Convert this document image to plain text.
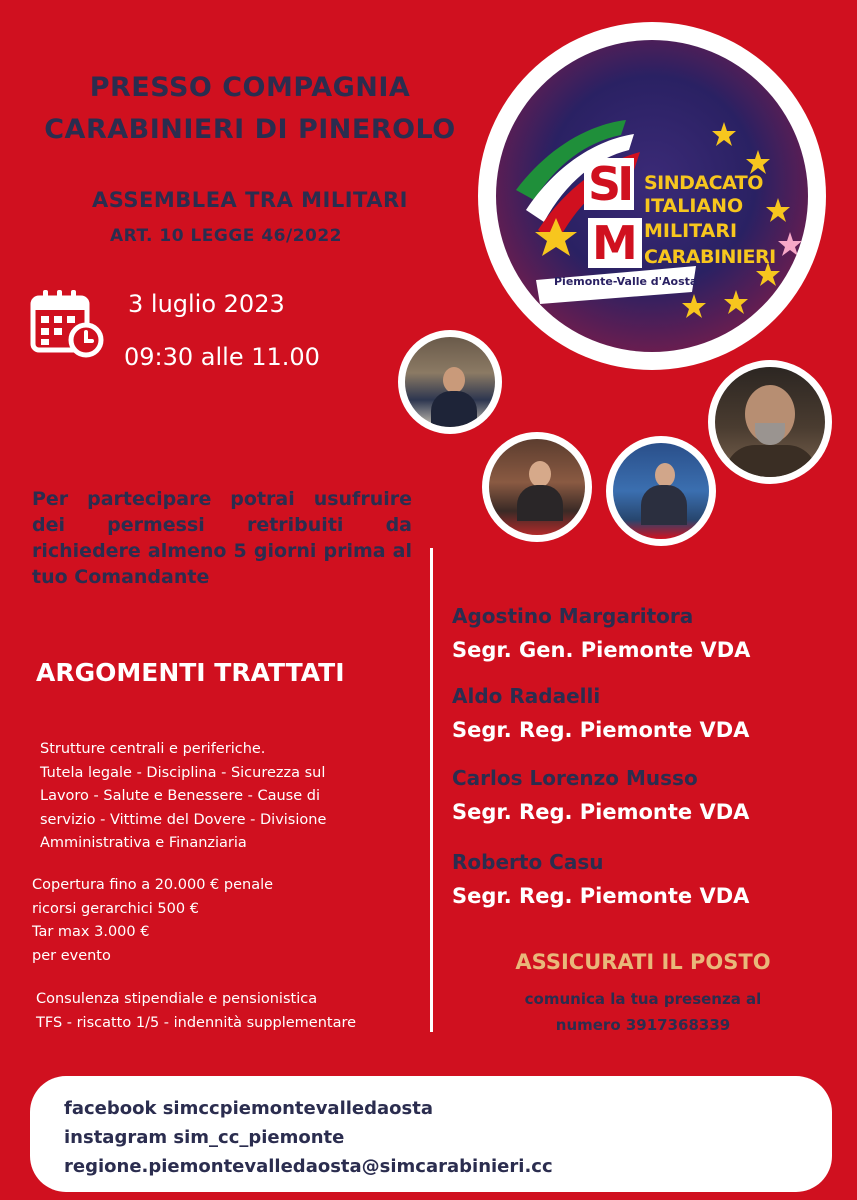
PRESSO COMPAGNIA
CARABINIERI DI PINEROLO
ASSEMBLEA TRA MILITARI
ART. 10 LEGGE 46/2022
3 luglio 2023
09:30 alle 11.00
SI
M
SINDACATO
ITALIANO
MILITARI
CARABINIERI
Piemonte-Valle d'Aosta
Per partecipare potrai usufruire dei permessi retribuiti da richiedere almeno 5 giorni prima al tuo Comandante
ARGOMENTI TRATTATI
Strutture centrali e periferiche.
Tutela legale - Disciplina - Sicurezza sul
Lavoro - Salute e Benessere - Cause di
servizio - Vittime del Dovere - Divisione
Amministrativa e Finanziaria
Copertura fino a 20.000 € penale
ricorsi gerarchici 500 €
Tar max 3.000 €
per evento
Consulenza stipendiale e pensionistica
TFS - riscatto 1/5 - indennità supplementare
Agostino Margaritora
Segr. Gen. Piemonte VDA
Aldo Radaelli
Segr. Reg. Piemonte VDA
Carlos Lorenzo Musso
Segr. Reg. Piemonte VDA
Roberto Casu
Segr. Reg. Piemonte VDA
ASSICURATI IL POSTO
comunica la tua presenza al
numero 3917368339
facebook simccpiemontevalledaosta
instagram sim_cc_piemonte
regione.piemontevalledaosta@simcarabinieri.cc
